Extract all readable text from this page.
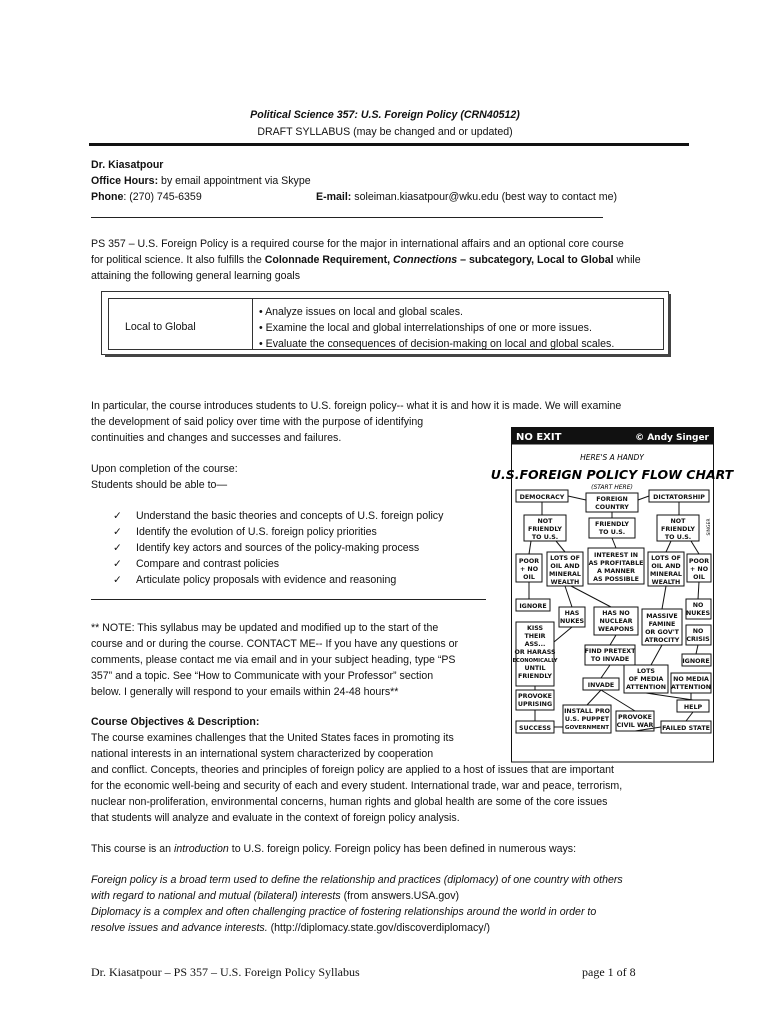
Political Science 357: U.S. Foreign Policy (CRN40512)
DRAFT SYLLABUS (may be changed and or updated)
Dr. Kiasatpour
Office Hours: by email appointment via Skype
Phone: (270) 745-6359	E-mail: soleiman.kiasatpour@wku.edu (best way to contact me)
PS 357 – U.S. Foreign Policy is a required course for the major in international affairs and an optional core course
for political science. It also fulfills the Colonnade Requirement, Connections – subcategory, Local to Global while
attaining the following general learning goals
Local to Global
• Analyze issues on local and global scales.
• Examine the local and global interrelationships of one or more issues.
• Evaluate the consequences of decision-making on local and global scales.
In particular, the course introduces students to U.S. foreign policy-- what it is and how it is made. We will examine
the development of said policy over time with the purpose of identifying
continuities and changes and successes and failures.
Upon completion of the course:
Students should be able to—
✓ Understand the basic theories and concepts of U.S. foreign policy
✓ Identify the evolution of U.S. foreign policy priorities
✓ Identify key actors and sources of the policy-making process
✓ Compare and contrast policies
✓ Articulate policy proposals with evidence and reasoning
** NOTE: This syllabus may be updated and modified up to the start of the
course and or during the course. CONTACT ME-- If you have any questions or
comments, please contact me via email and in your subject heading, type “PS
357” and a topic. See “How to Communicate with your Professor” section
below. I generally will respond to your emails within 24-48 hours**
Course Objectives & Description:
The course examines challenges that the United States faces in promoting its
national interests in an international system characterized by cooperation
and conflict. Concepts, theories and principles of foreign policy are applied to a host of issues that are important
for the economic well-being and security of each and every student. International trade, war and peace, terrorism,
nuclear non-proliferation, environmental concerns, human rights and global health are some of the core issues
that students will analyze and evaluate in the context of foreign policy analysis.
This course is an introduction to U.S. foreign policy. Foreign policy has been defined in numerous ways:
Foreign policy is a broad term used to define the relationship and practices (diplomacy) of one country with others
with regard to national and mutual (bilateral) interests (from answers.USA.gov)
Diplomacy is a complex and often challenging practice of fostering relationships around the world in order to
resolve issues and advance interests. (http://diplomacy.state.gov/discoverdiplomacy/)
Dr. Kiasatpour – PS 357 – U.S. Foreign Policy Syllabus	page 1 of 8
NO EXIT	© Andy Singer
HERE'S A HANDY
U.S.FOREIGN POLICY FLOW CHART
(START HERE)
DEMOCRACY	FOREIGN
COUNTRY
DICTATORSHIP
NOT
FRIENDLY
TO U.S.
FRIENDLY
TO U.S.
NOT
FRIENDLY
TO U.S.
POOR
+ NO
OIL
LOTS OF
OIL AND
MINERAL
WEALTH
INTEREST IN
AS PROFITABLE
A MANNER
AS POSSIBLE
LOTS OF
OIL AND
MINERAL
WEALTH
POOR
+ NO
OIL
IGNORE
HAS
NUKES
HAS NO
NUCLEAR
WEAPONS
MASSIVE
FAMINE
OR GOV'T
ATROCITY
NO
NUKES
NO
CRISIS
KISS
THEIR
ASS...
OR HARASS
ECONOMICALLY
UNTIL
FRIENDLY
FIND PRETEXT
TO INVADE	IGNORE
LOTS
OF MEDIA
ATTENTION
NO MEDIA
ATTENTION
INVADE
PROVOKE
UPRISING	HELP
INSTALL PRO
U.S. PUPPET
GOVERNMENT
PROVOKE
CIVIL WAR
SUCCESS	FAILED STATE
SINGER
